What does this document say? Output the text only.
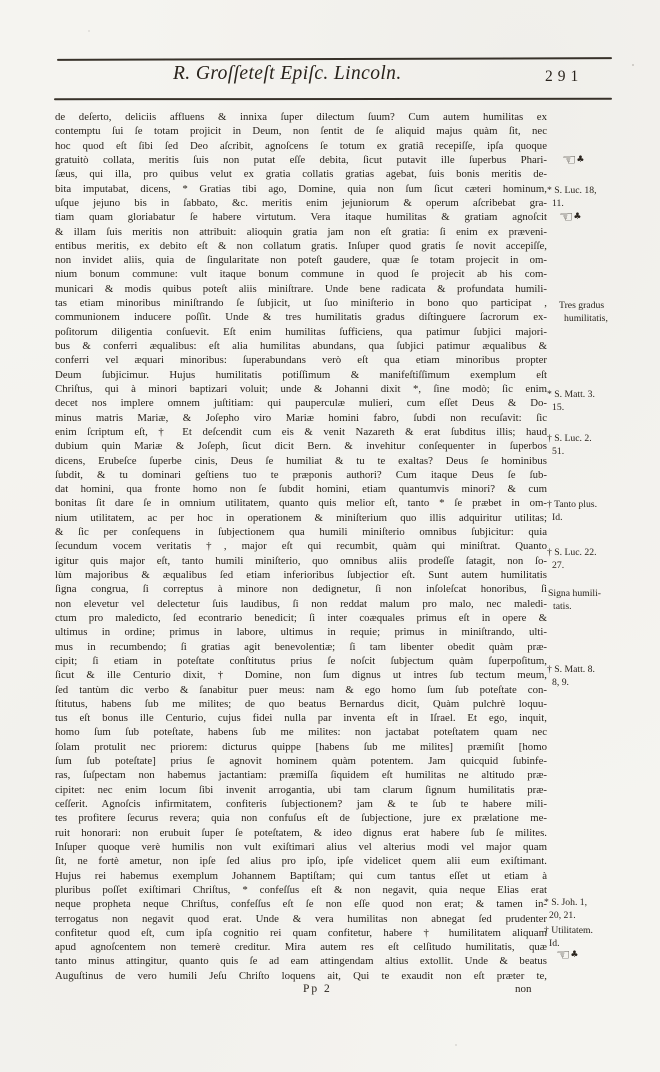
R. Groſſeteſt Epiſc. Lincoln.	291
de deſerto, deliciis affluens & innixa ſuper dilectum ſuum? Cum autem humilitas ex
contemptu ſui ſe totam projicit in Deum, non ſentit de ſe aliquid majus quàm ſit, nec
hoc quod eſt ſibi ſed Deo aſcribit, agnoſcens ſe totum ex gratiâ recepiſſe, ipſa quoque
gratuitò collata, meritis ſuis non putat eſſe debita, ſicut putavit ille ſuperbus Phari-
ſæus, qui illa, pro quibus velut ex gratia collatis gratias agebat, ſuis bonis meritis de-
bita imputabat, dicens, * Gratias tibi ago, Domine, quia non ſum ſicut cæteri hominum,
uſque jejuno bis in ſabbato, &c. meritis enim jejuniorum & operum aſcribebat gra-
tiam quam gloriabatur ſe habere virtutum. Vera itaque humilitas & gratiam agnoſcit
& illam ſuis meritis non attribuit: alioquin gratia jam non eſt gratia: ſi enim ex præveni-
entibus meritis, ex debito eſt & non collatum gratis. Inſuper quod gratis ſe novit accepiſſe,
non invidet aliis, quia de ſingularitate non poteſt gaudere, quæ ſe totam projecit in om-
nium bonum commune: vult itaque bonum commune in quod ſe projecit ab his com-
municari & modis quibus poteſt aliis miniſtrare. Unde bene radicata & profundata humili-
tas etiam minoribus miniſtrando ſe ſubjicit, ut ſuo miniſterio in bono quo participat ,
communionem inducere poſſit. Unde & tres humilitatis gradus diſtinguere ſacrorum ex-
poſitorum diligentia conſuevit. Eſt enim humilitas ſufficiens, qua patimur ſubjici majori-
bus & conferri æqualibus: eſt alia humilitas abundans, qua ſubjici patimur æqualibus &
conferri vel æquari minoribus: ſuperabundans verò eſt qua etiam minoribus propter
Deum ſubjicimur. Hujus humilitatis potiſſimum & manifeſtiſſimum exemplum eſt
Chriſtus, qui à minori baptizari voluit; unde & Johanni dixit *, ſine modò; ſic enim
decet nos implere omnem juſtitiam: qui pauperculæ mulieri, cum eſſet Deus & Do-
minus matris Mariæ, & Joſepho viro Mariæ homini fabro, ſubdi non recuſavit: ſic
enim ſcriptum eſt, † Et deſcendit cum eis & venit Nazareth & erat ſubditus illis; haud
dubium quin Mariæ & Joſeph, ſicut dicit Bern. & invehitur conſequenter in ſuperbos
dicens, Erubeſce ſuperbe cinis, Deus ſe humiliat & tu te exaltas? Deus ſe hominibus
ſubdit, & tu dominari geſtiens tuo te præponis authori? Cum itaque Deus ſe ſub-
dat homini, qua fronte homo non ſe ſubdit homini, etiam quantumvis minori? & cum
bonitas ſit dare ſe in omnium utilitatem, quanto quis melior eſt, tanto * ſe præbet in om-
nium utilitatem, ac per hoc in operationem & miniſterium quo illis adquiritur utilitas;
& ſic per conſequens in ſubjectionem qua humili miniſterio omnibus ſubjicitur: quia
ſecundum vocem veritatis †, major eſt qui recumbit, quàm qui miniſtrat. Quanto
igitur quis major eſt, tanto humili miniſterio, quo omnibus aliis prodeſſe ſatagit, non ſo-
lùm majoribus & æqualibus ſed etiam inferioribus ſubjectior eſt. Sunt autem humilitatis
ſigna congrua, ſi correptus à minore non dedignetur, ſi non inſoleſcat honoribus, ſi
non elevetur vel delectetur ſuis laudibus, ſi non reddat malum pro malo, nec maledi-
ctum pro maledicto, ſed econtrario benedicit; ſi inter coæquales primus eſt in opere &
ultimus in ordine; primus in labore, ultimus in requie; primus in miniſtrando, ulti-
mus in recumbendo; ſi gratias agit benevolentiæ; ſi tam libenter obedit quàm præ-
cipit; ſi etiam in poteſtate conſtitutus prius ſe noſcit ſubjectum quàm ſuperpoſitum,
ſicut & ille Centurio dixit, † Domine, non ſum dignus ut intres ſub tectum meum,
ſed tantùm dic verbo & ſanabitur puer meus: nam & ego homo ſum ſub poteſtate con-
ſtitutus, habens ſub me milites; de quo beatus Bernardus dicit, Quàm pulchrè loquu-
tus eſt bonus ille Centurio, cujus fidei nulla par inventa eſt in Iſrael. Et ego, inquit,
homo ſum ſub poteſtate, habens ſub me milites: non jactabat poteſtatem quam nec
ſolam protulit nec priorem: dicturus quippe [habens ſub me milites] præmiſit [homo
ſum ſub poteſtate] prius ſe agnovit hominem quàm potentem. Jam quicquid ſubinfe-
ras, ſuſpectam non habemus jactantiam: præmiſſa ſiquidem eſt humilitas ne altitudo præ-
cipitet: nec enim locum ſibi invenit arrogantia, ubi tam clarum ſignum humilitatis præ-
ceſſerit. Agnoſcis infirmitatem, confiteris ſubjectionem? jam & te ſub te habere mili-
tes profitere ſecurus revera; quia non confuſus eſt de ſubjectione, jure ex prælatione me-
ruit honorari: non erubuit ſuper ſe poteſtatem, & ideo dignus erat habere ſub ſe milites.
Inſuper quoque verè humilis non vult exiſtimari alius vel alterius modi vel major quam
ſit, ne fortè ametur, non ipſe ſed alius pro ipſo, ipſe videlicet quem alii eum exiſtimant.
Hujus rei habemus exemplum Johannem Baptiſtam; qui cum tantus eſſet ut etiam à
pluribus poſſet exiſtimari Chriſtus, * confeſſus eſt & non negavit, quia neque Elias erat
neque propheta neque Chriſtus, confeſſus eſt ſe non eſſe quod non erat; & tamen in-
terrogatus non negavit quod erat. Unde & vera humilitas non abnegat ſed prudenter
confitetur quod eſt, cum ipſa cognitio rei quam confitetur, habere † humilitatem aliquam
apud agnoſcentem non temerè creditur. Mira autem res eſt celſitudo humilitatis, quæ
tanto minus attingitur, quanto quis ſe ad eam attingendam altius extollit. Unde & beatus
Auguſtinus de vero humili Jeſu Chriſto loquens ait, Qui te exaudit non eſt præter te,
Pp 2	non
☜♣
* S. Luc. 18,
11.
☜♣
Tres gradus
humilitatis,
* S. Matt. 3.
15.
† S. Luc. 2.
51.
† Tanto plus.
Id.
† S. Luc. 22.
27.
Signa humili-
tatis.
† S. Matt. 8.
8, 9.
* S. Joh. 1,
20, 21.
† Utilitatem.
Id.
☜♣
